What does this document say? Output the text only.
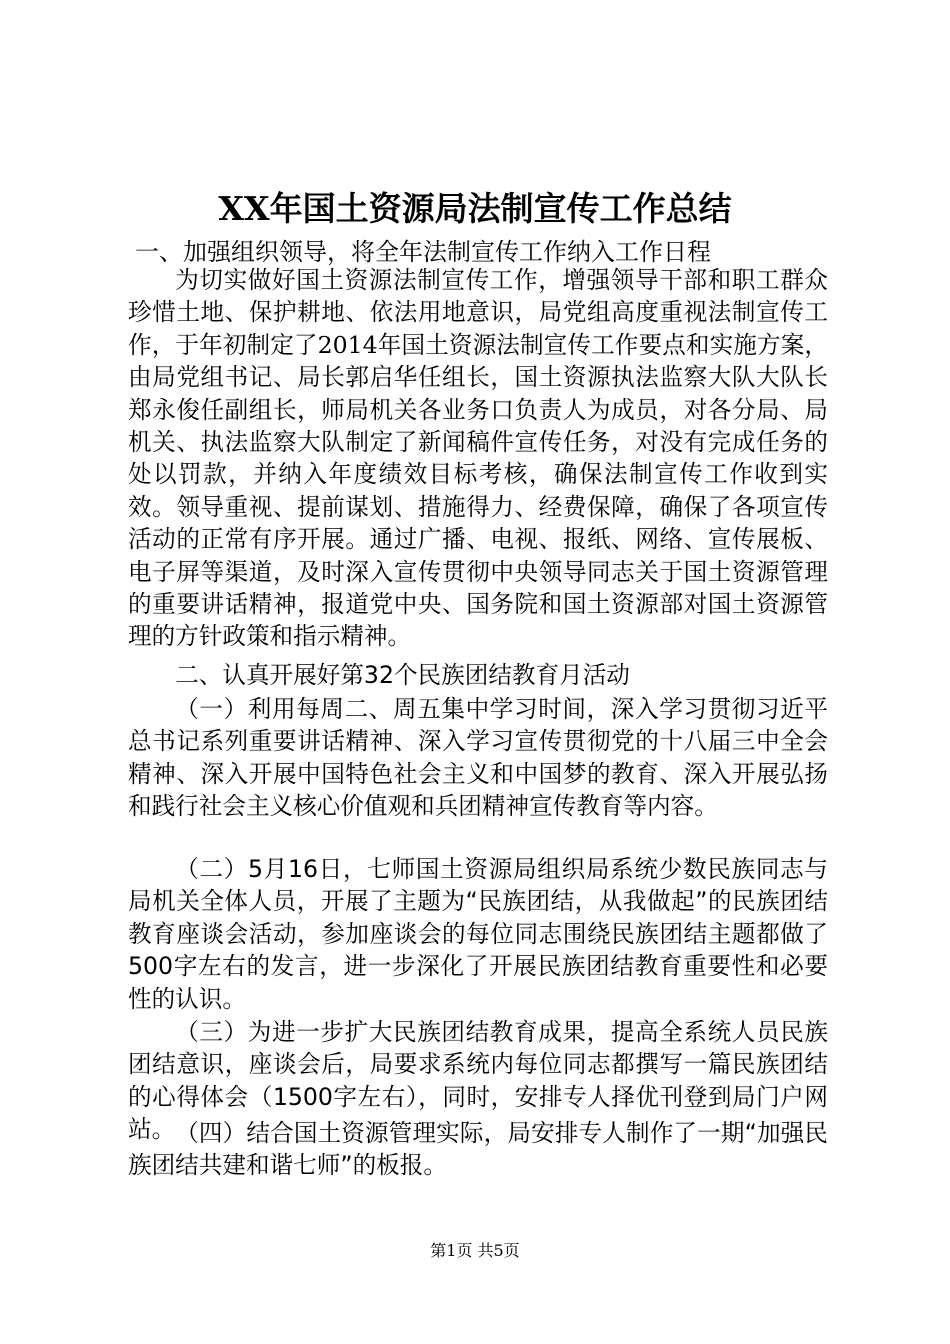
XX年国土资源局法制宣传工作总结

一、加强组织领导，将全年法制宣传工作纳入工作日程

为切实做好国土资源法制宣传工作，增强领导干部和职工群众珍惜土地、保护耕地、依法用地意识，局党组高度重视法制宣传工作，于年初制定了2014年国土资源法制宣传工作要点和实施方案，由局党组书记、局长郭启华任组长，国土资源执法监察大队大队长郑永俊任副组长，师局机关各业务口负责人为成员，对各分局、局机关、执法监察大队制定了新闻稿件宣传任务，对没有完成任务的处以罚款，并纳入年度绩效目标考核，确保法制宣传工作收到实效。领导重视、提前谋划、措施得力、经费保障，确保了各项宣传活动的正常有序开展。通过广播、电视、报纸、网络、宣传展板、电子屏等渠道，及时深入宣传贯彻中央领导同志关于国土资源管理的重要讲话精神，报道党中央、国务院和国土资源部对国土资源管理的方针政策和指示精神。

二、认真开展好第32个民族团结教育月活动

（一）利用每周二、周五集中学习时间，深入学习贯彻习近平总书记系列重要讲话精神、深入学习宣传贯彻党的十八届三中全会精神、深入开展中国特色社会主义和中国梦的教育、深入开展弘扬和践行社会主义核心价值观和兵团精神宣传教育等内容。

（二）5月16日，七师国土资源局组织局系统少数民族同志与局机关全体人员，开展了主题为“民族团结，从我做起”的民族团结教育座谈会活动，参加座谈会的每位同志围绕民族团结主题都做了500字左右的发言，进一步深化了开展民族团结教育重要性和必要性的认识。

（三）为进一步扩大民族团结教育成果，提高全系统人员民族团结意识，座谈会后，局要求系统内每位同志都撰写一篇民族团结的心得体会（1500字左右），同时，安排专人择优刊登到局门户网站。 （四）结合国土资源管理实际，局安排专人制作了一期“加强民族团结共建和谐七师”的板报。

第1页 共5页
